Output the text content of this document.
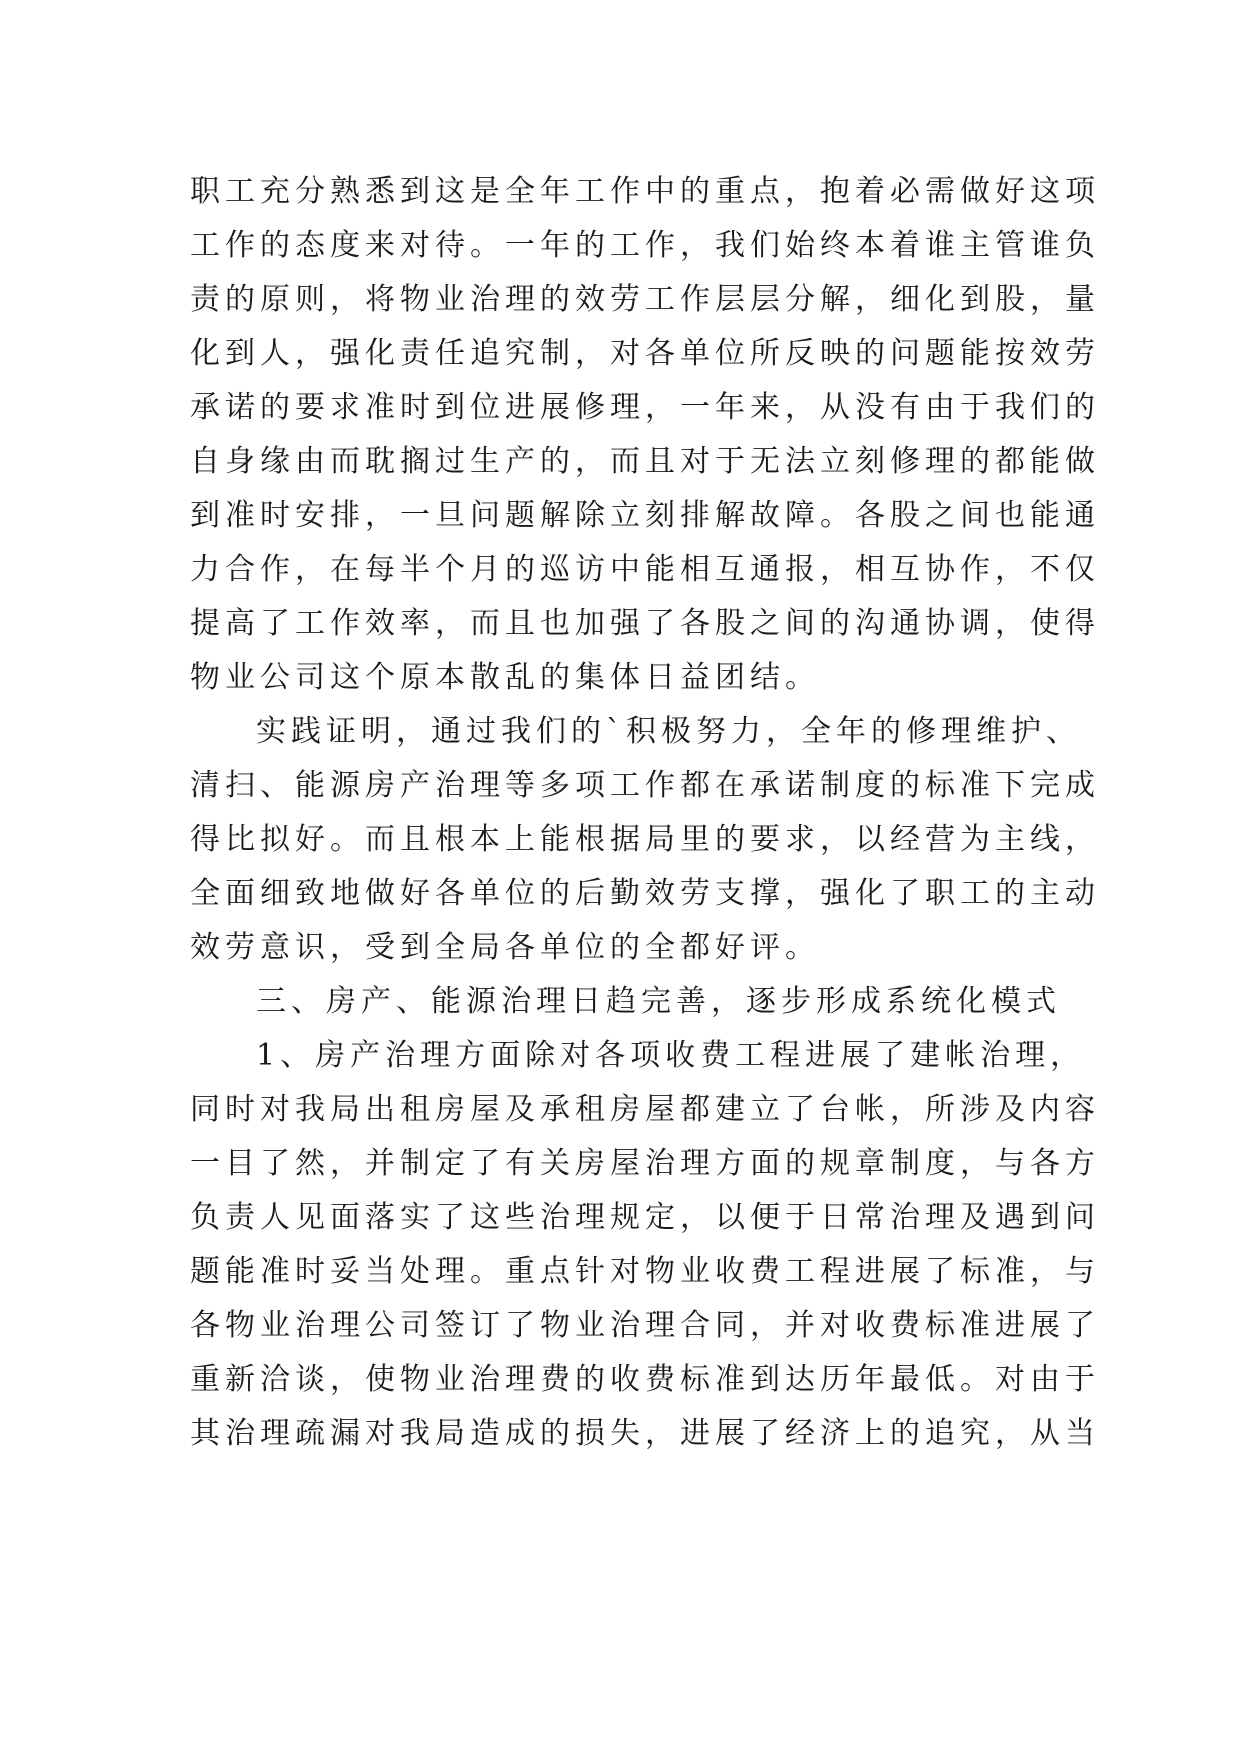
职工充分熟悉到这是全年工作中的重点，抱着必需做好这项
工作的态度来对待。一年的工作，我们始终本着谁主管谁负
责的原则，将物业治理的效劳工作层层分解，细化到股，量
化到人，强化责任追究制，对各单位所反映的问题能按效劳
承诺的要求准时到位进展修理，一年来，从没有由于我们的
自身缘由而耽搁过生产的，而且对于无法立刻修理的都能做
到准时安排，一旦问题解除立刻排解故障。各股之间也能通
力合作，在每半个月的巡访中能相互通报，相互协作，不仅
提高了工作效率，而且也加强了各股之间的沟通协调，使得
物业公司这个原本散乱的集体日益团结。
实践证明，通过我们的`积极努力，全年的修理维护、
清扫、能源房产治理等多项工作都在承诺制度的标准下完成
得比拟好。而且根本上能根据局里的要求，以经营为主线，
全面细致地做好各单位的后勤效劳支撑，强化了职工的主动
效劳意识，受到全局各单位的全都好评。
三、房产、能源治理日趋完善，逐步形成系统化模式
1、房产治理方面除对各项收费工程进展了建帐治理，
同时对我局出租房屋及承租房屋都建立了台帐，所涉及内容
一目了然，并制定了有关房屋治理方面的规章制度，与各方
负责人见面落实了这些治理规定，以便于日常治理及遇到问
题能准时妥当处理。重点针对物业收费工程进展了标准，与
各物业治理公司签订了物业治理合同，并对收费标准进展了
重新洽谈，使物业治理费的收费标准到达历年最低。对由于
其治理疏漏对我局造成的损失，进展了经济上的追究，从当
